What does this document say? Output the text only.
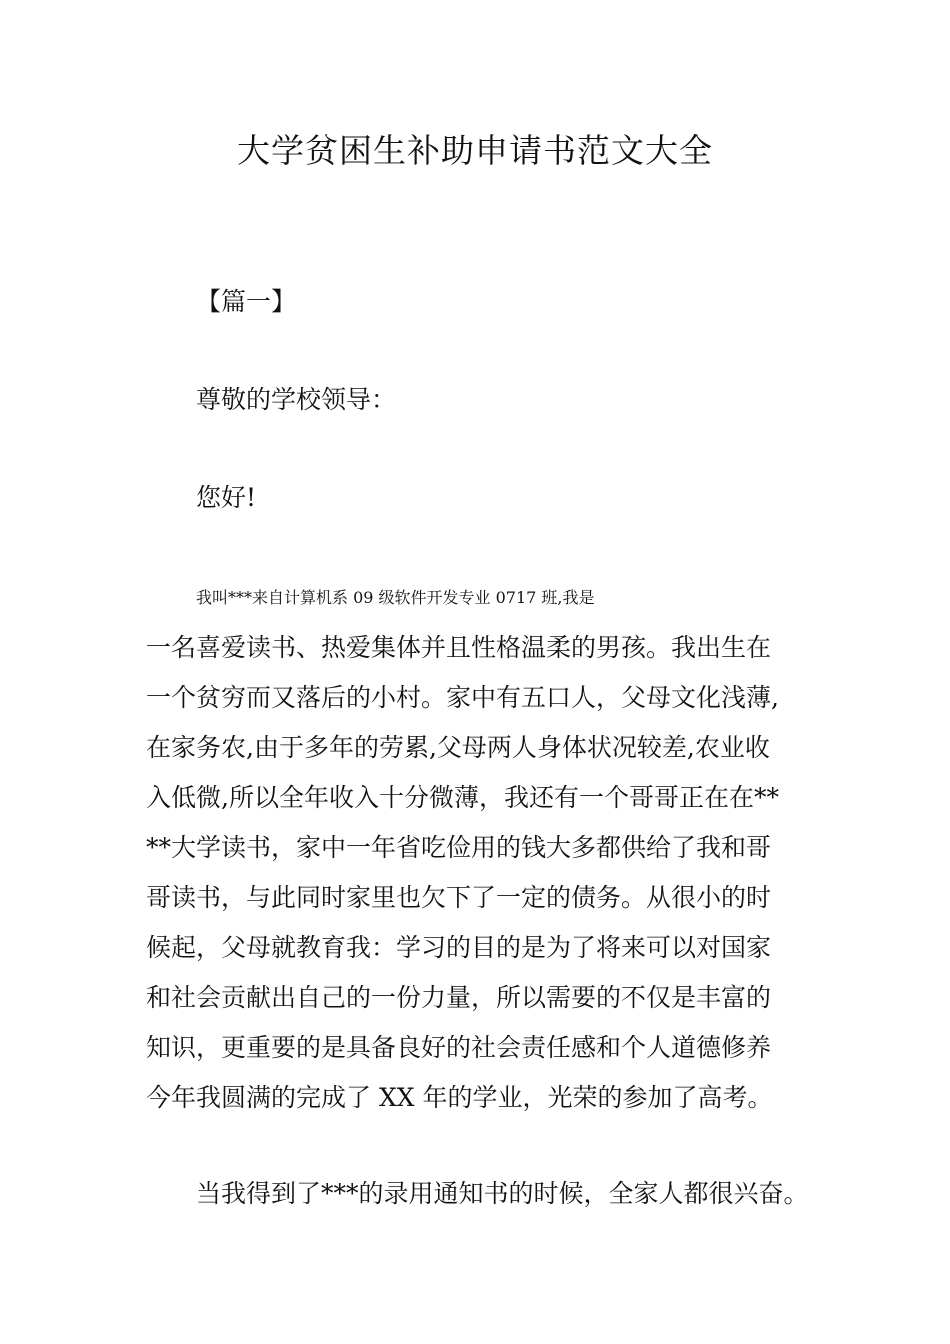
大学贫困生补助申请书范文大全

【篇一】

尊敬的学校领导：

您好!

我叫***来自计算机系 09 级软件开发专业 0717 班,我是
一名喜爱读书、热爱集体并且性格温柔的男孩。我出生在
一个贫穷而又落后的小村。家中有五口人，父母文化浅薄,
在家务农,由于多年的劳累,父母两人身体状况较差,农业收
入低微,所以全年收入十分微薄，我还有一个哥哥正在在**
**大学读书，家中一年省吃俭用的钱大多都供给了我和哥
哥读书，与此同时家里也欠下了一定的债务。从很小的时
候起，父母就教育我：学习的目的是为了将来可以对国家
和社会贡献出自己的一份力量，所以需要的不仅是丰富的
知识，更重要的是具备良好的社会责任感和个人道德修养
今年我圆满的完成了 XX 年的学业，光荣的参加了高考。

当我得到了***的录用通知书的时候，全家人都很兴奋。
